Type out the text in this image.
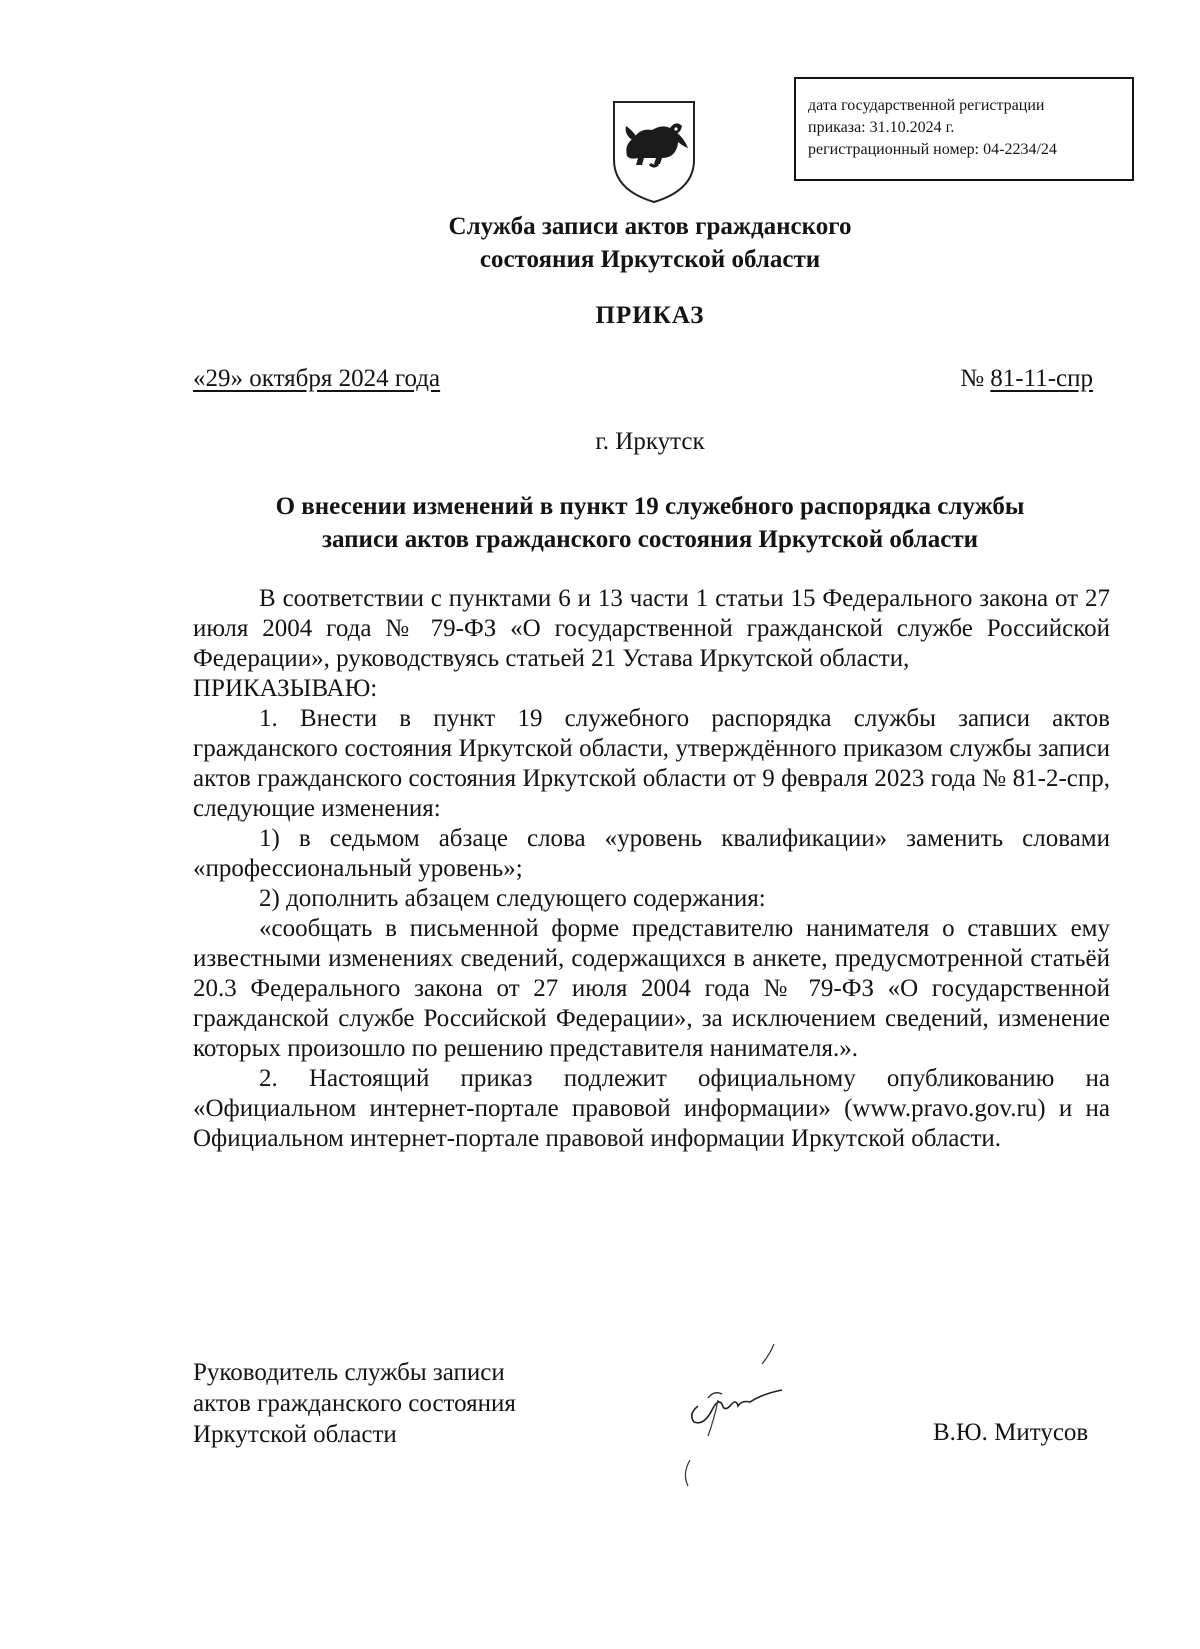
дата государственной регистрации
приказа: 31.10.2024 г.
регистрационный номер: 04-2234/24
Служба записи актов гражданского
состояния Иркутской области
ПРИКАЗ
«29» октября 2024 года	№ 81-11-спр
г. Иркутск
О внесении изменений в пункт 19 служебного распорядка службы
записи актов гражданского состояния Иркутской области

В соответствии с пунктами 6 и 13 части 1 статьи 15 Федерального закона от 27 июля 2004 года № 79-ФЗ «О государственной гражданской службе Российской Федерации», руководствуясь статьей 21 Устава Иркутской области,

ПРИКАЗЫВАЮ:

1. Внести в пункт 19 служебного распорядка службы записи актов гражданского состояния Иркутской области, утверждённого приказом службы записи актов гражданского состояния Иркутской области от 9 февраля 2023 года № 81-2-спр, следующие изменения:

1) в седьмом абзаце слова «уровень квалификации» заменить словами «профессиональный уровень»;

2) дополнить абзацем следующего содержания:

«сообщать в письменной форме представителю нанимателя о ставших ему известными изменениях сведений, содержащихся в анкете, предусмотренной статьёй 20.3 Федерального закона от 27 июля 2004 года № 79-ФЗ «О государственной гражданской службе Российской Федерации», за исключением сведений, изменение которых произошло по решению представителя нанимателя.».

2. Настоящий приказ подлежит официальному опубликованию на «Официальном интернет-портале правовой информации» (www.pravo.gov.ru) и на Официальном интернет-портале правовой информации Иркутской области.

Руководитель службы записи
актов гражданского состояния
Иркутской области	В.Ю. Митусов
